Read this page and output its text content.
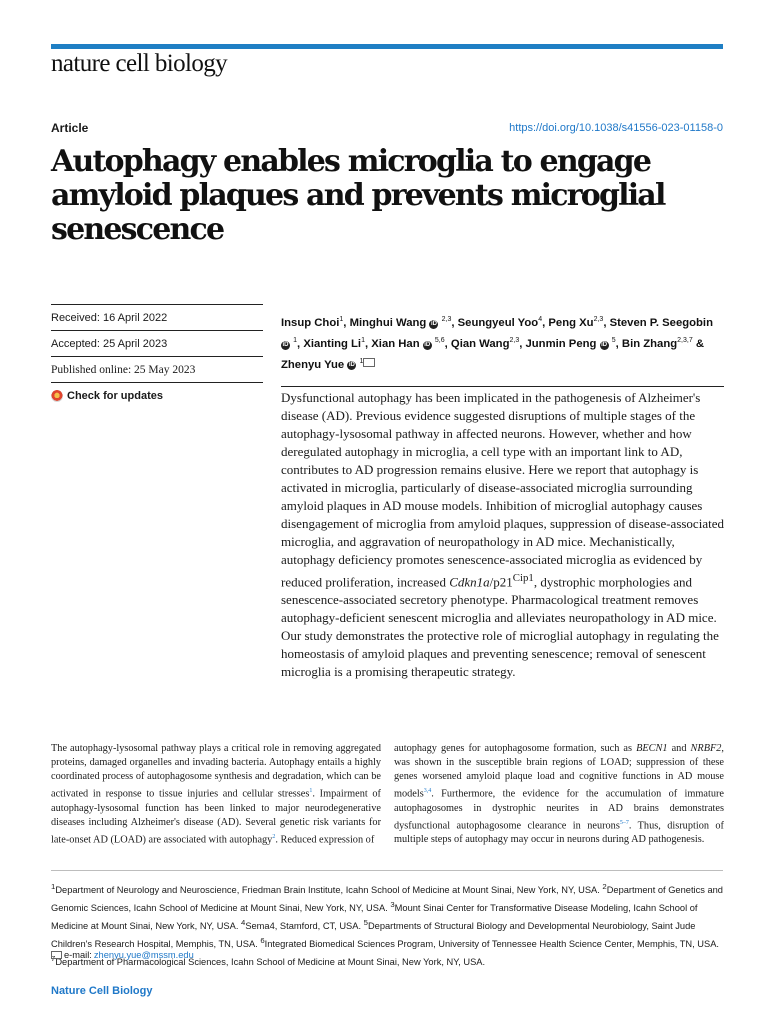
nature cell biology
Article	https://doi.org/10.1038/s41556-023-01158-0
Autophagy enables microglia to engage amyloid plaques and prevents microglial senescence
Received: 16 April 2022
Accepted: 25 April 2023
Published online: 25 May 2023
Check for updates
Insup Choi$^1$, Minghui Wang iD $^{2,3}$, Seungyeul Yoo$^4$, Peng Xu$^{2,3}$, Steven P. Seegobin iD $^1$, Xianting Li$^1$, Xian Han iD $^{5,6}$, Qian Wang$^{2,3}$, Junmin Peng iD $^5$, Bin Zhang$^{2,3,7}$ & Zhenyu Yue iD $^1$

Dysfunctional autophagy has been implicated in the pathogenesis of Alzheimer's disease (AD). Previous evidence suggested disruptions of multiple stages of the autophagy-lysosomal pathway in affected neurons. However, whether and how deregulated autophagy in microglia, a cell type with an important link to AD, contributes to AD progression remains elusive. Here we report that autophagy is activated in microglia, particularly of disease-associated microglia surrounding amyloid plaques in AD mouse models. Inhibition of microglial autophagy causes disengagement of microglia from amyloid plaques, suppression of disease-associated microglia, and aggravation of neuropathology in AD mice. Mechanistically, autophagy deficiency promotes senescence-associated microglia as evidenced by reduced proliferation, increased $Cdkn1a/p21^{Cip1}$, dystrophic morphologies and senescence-associated secretory phenotype. Pharmacological treatment removes autophagy-deficient senescent microglia and alleviates neuropathology in AD mice. Our study demonstrates the protective role of microglial autophagy in regulating the homeostasis of amyloid plaques and preventing senescence; removal of senescent microglia is a promising therapeutic strategy.

The autophagy-lysosomal pathway plays a critical role in removing aggregated proteins, damaged organelles and invading bacteria. Autophagy entails a highly coordinated process of autophagosome synthesis and degradation, which can be activated in response to tissue injuries and cellular stresses$^1$. Impairment of autophagy-lysosomal function has been linked to major neurodegenerative diseases including Alzheimer's disease (AD). Several genetic risk variants for late-onset AD (LOAD) are associated with autophagy$^2$. Reduced expression of

autophagy genes for autophagosome formation, such as BECN1 and NRBF2, was shown in the susceptible brain regions of LOAD; suppression of these genes worsened amyloid plaque load and cognitive functions in AD mouse models$^{3,4}$. Furthermore, the evidence for the accumulation of immature autophagosomes in dystrophic neurites in AD brains demonstrates dysfunctional autophagosome clearance in neurons$^{5-7}$. Thus, disruption of multiple steps of autophagy may occur in neurons during AD pathogenesis.

$^1$Department of Neurology and Neuroscience, Friedman Brain Institute, Icahn School of Medicine at Mount Sinai, New York, NY, USA. $^2$Department of Genetics and Genomic Sciences, Icahn School of Medicine at Mount Sinai, New York, NY, USA. $^3$Mount Sinai Center for Transformative Disease Modeling, Icahn School of Medicine at Mount Sinai, New York, NY, USA. $^4$Sema4, Stamford, CT, USA. $^5$Departments of Structural Biology and Developmental Neurobiology, Saint Jude Children's Research Hospital, Memphis, TN, USA. $^6$Integrated Biomedical Sciences Program, University of Tennessee Health Science Center, Memphis, TN, USA. $^7$Department of Pharmacological Sciences, Icahn School of Medicine at Mount Sinai, New York, NY, USA.

e-mail: zhenyu.yue@mssm.edu
Nature Cell Biology
